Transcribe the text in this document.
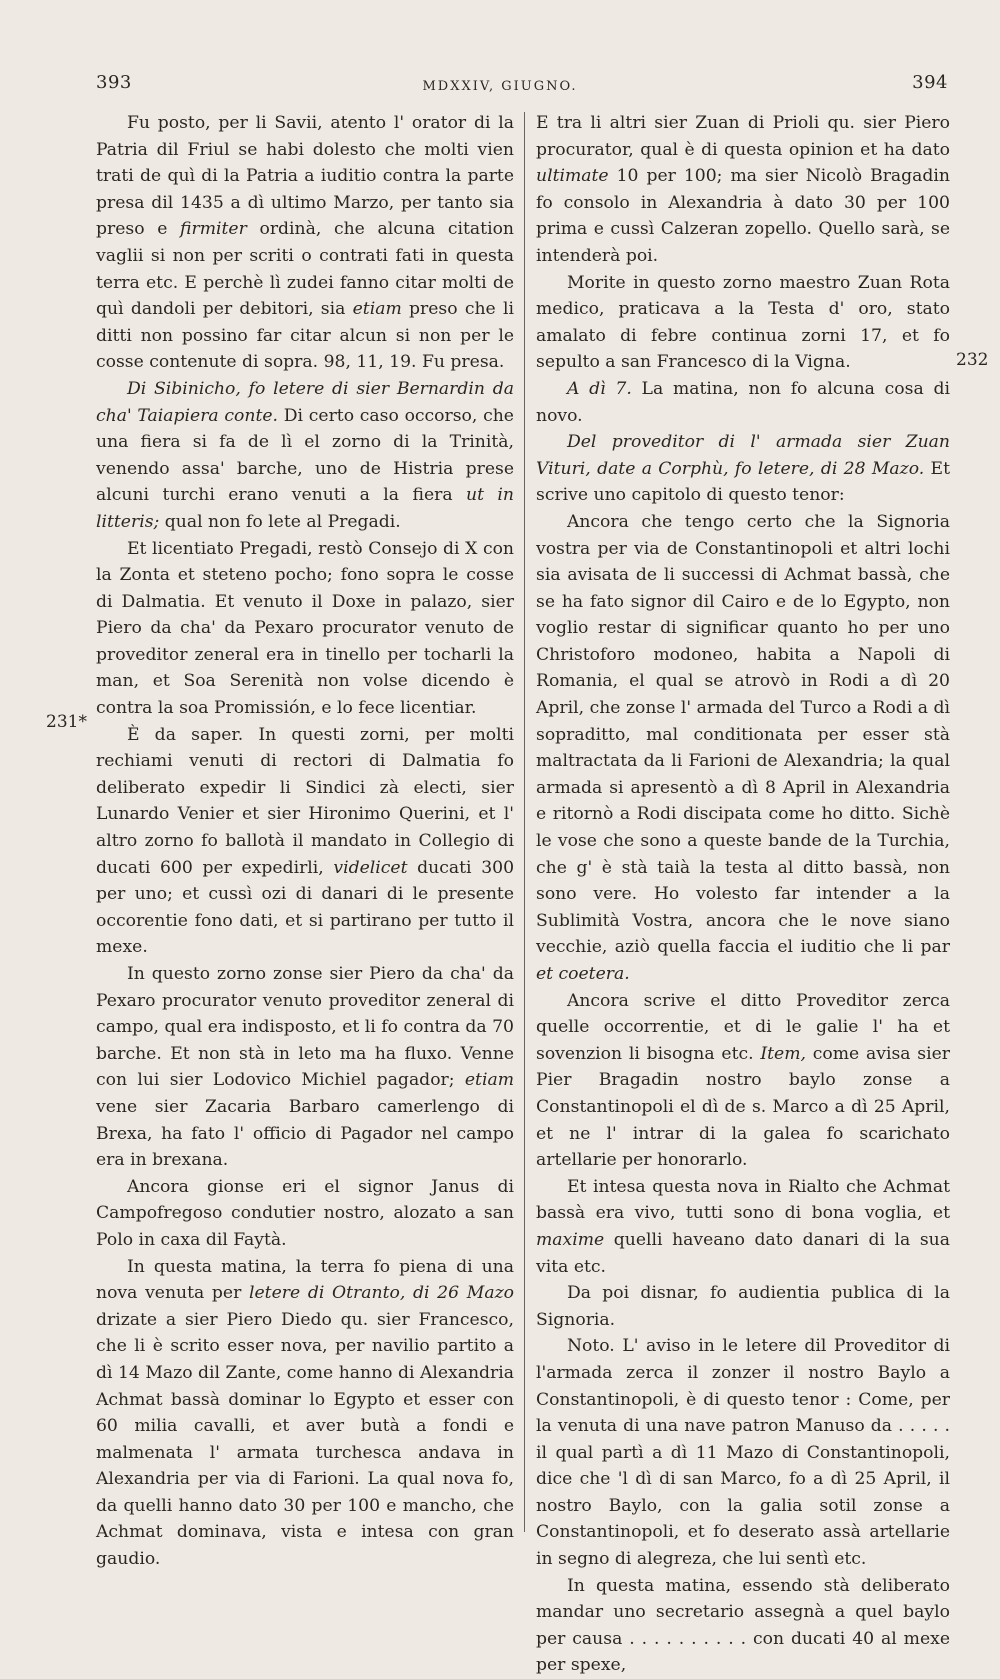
393	MDXXIV, GIUGNO.	394
231*
232

Fu posto, per li Savii, atento l' orator di la Patria dil Friul se habi dolesto che molti vien trati de quì di la Patria a iuditio contra la parte presa dil 1435 a dì ultimo Marzo, per tanto sia preso e firmiter ordinà, che alcuna citation vaglii si non per scriti o contrati fati in questa terra etc. E perchè lì zudei fanno citar molti de quì dandoli per debitori, sia etiam preso che li ditti non possino far citar alcun si non per le cosse contenute di sopra. 98, 11, 19. Fu presa.

Di Sibinicho, fo letere di sier Bernardin da cha' Taiapiera conte. Di certo caso occorso, che una fiera si fa de lì el zorno di la Trinità, venendo assa' barche, uno de Histria prese alcuni turchi erano venuti a la fiera ut in litteris; qual non fo lete al Pregadi.

Et licentiato Pregadi, restò Consejo di X con la Zonta et steteno pocho; fono sopra le cosse di Dalmatia. Et venuto il Doxe in palazo, sier Piero da cha' da Pexaro procurator venuto de proveditor zeneral era in tinello per tocharli la man, et Soa Serenità non volse dicendo è contra la soa Promissión, e lo fece licentiar.

È da saper. In questi zorni, per molti rechiami venuti di rectori di Dalmatia fo deliberato expedir li Sindici zà electi, sier Lunardo Venier et sier Hironimo Querini, et l' altro zorno fo ballotà il mandato in Collegio di ducati 600 per expedirli, videlicet ducati 300 per uno; et cussì ozi di danari di le presente occorentie fono dati, et si partirano per tutto il mexe.

In questo zorno zonse sier Piero da cha' da Pexaro procurator venuto proveditor zeneral di campo, qual era indisposto, et li fo contra da 70 barche. Et non stà in leto ma ha fluxo. Venne con lui sier Lodovico Michiel pagador; etiam vene sier Zacaria Barbaro camerlengo di Brexa, ha fato l' officio di Pagador nel campo era in brexana.

Ancora gionse eri el signor Janus di Campofregoso condutier nostro, alozato a san Polo in caxa dil Faytà.

In questa matina, la terra fo piena di una nova venuta per letere di Otranto, di 26 Mazo drizate a sier Piero Diedo qu. sier Francesco, che li è scrito esser nova, per navilio partito a dì 14 Mazo dil Zante, come hanno di Alexandria Achmat bassà dominar lo Egypto et esser con 60 milia cavalli, et aver butà a fondi e malmenata l' armata turchesca andava in Alexandria per via di Farioni. La qual nova fo, da quelli hanno dato 30 per 100 e mancho, che Achmat dominava, vista e intesa con gran gaudio.

E tra li altri sier Zuan di Prioli qu. sier Piero procurator, qual è di questa opinion et ha dato ultimate 10 per 100; ma sier Nicolò Bragadin fo consolo in Alexandria à dato 30 per 100 prima e cussì Calzeran zopello. Quello sarà, se intenderà poi.

Morite in questo zorno maestro Zuan Rota medico, praticava a la Testa d' oro, stato amalato di febre continua zorni 17, et fo sepulto a san Francesco di la Vigna.

A dì 7. La matina, non fo alcuna cosa di novo.

Del proveditor di l' armada sier Zuan Vituri, date a Corphù, fo letere, di 28 Mazo. Et scrive uno capitolo di questo tenor:

Ancora che tengo certo che la Signoria vostra per via de Constantinopoli et altri lochi sia avisata de li successi di Achmat bassà, che se ha fato signor dil Cairo e de lo Egypto, non voglio restar di significar quanto ho per uno Christoforo modoneo, habita a Napoli di Romania, el qual se atrovò in Rodi a dì 20 April, che zonse l' armada del Turco a Rodi a dì sopraditto, mal conditionata per esser stà maltractata da li Farioni de Alexandria; la qual armada si apresentò a dì 8 April in Alexandria e ritornò a Rodi discipata come ho ditto. Sichè le vose che sono a queste bande de la Turchia, che g' è stà taià la testa al ditto bassà, non sono vere. Ho volesto far intender a la Sublimità Vostra, ancora che le nove siano vecchie, aziò quella faccia el iuditio che li par et coetera.

Ancora scrive el ditto Proveditor zerca quelle occorrentie, et di le galie l' ha et sovenzion li bisogna etc. Item, come avisa sier Pier Bragadin nostro baylo zonse a Constantinopoli el dì de s. Marco a dì 25 April, et ne l' intrar di la galea fo scarichato artellarie per honorarlo.

Et intesa questa nova in Rialto che Achmat bassà era vivo, tutti sono di bona voglia, et maxime quelli haveano dato danari di la sua vita etc.

Da poi disnar, fo audientia publica di la Signoria.

Noto. L' aviso in le letere dil Proveditor di l'armada zerca il zonzer il nostro Baylo a Constantinopoli, è di questo tenor : Come, per la venuta di una nave patron Manuso da . . . . . il qual partì a dì 11 Mazo di Constantinopoli, dice che 'l dì di san Marco, fo a dì 25 April, il nostro Baylo, con la galia sotil zonse a Constantinopoli, et fo deserato assà artellarie in segno di alegreza, che lui sentì etc.

In questa matina, essendo stà deliberato mandar uno secretario assegnà a quel baylo per causa . . . . . . . . . . con ducati 40 al mexe per spexe,
